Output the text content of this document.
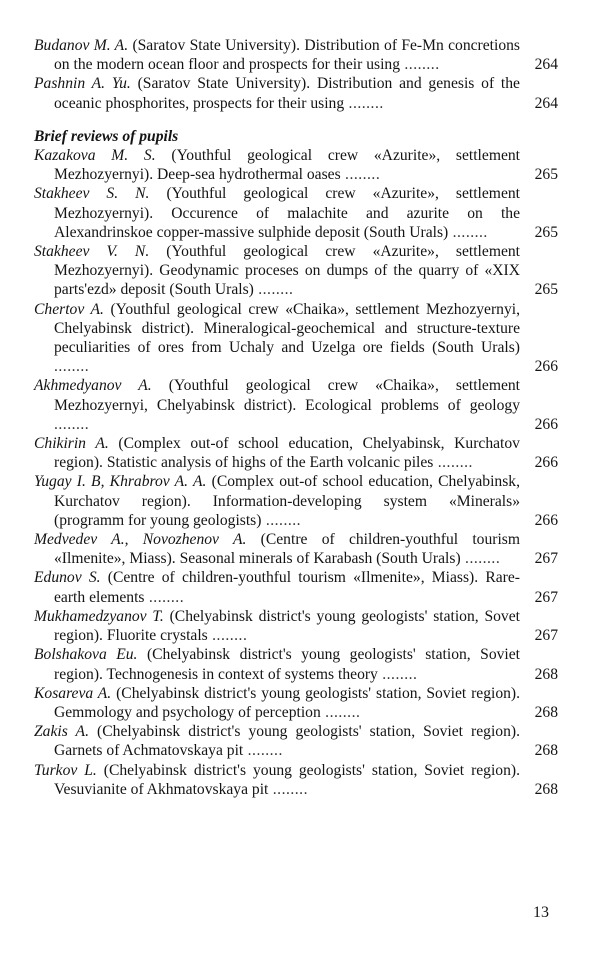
Budanov M. A. (Saratov State University). Distribution of Fe-Mn concretions on the modern ocean floor and prospects for their using ........	264
Pashnin A. Yu. (Saratov State University). Distribution and genesis of the oceanic phosphorites, prospects for their using ........	264
Brief reviews of pupils
Kazakova M. S. (Youthful geological crew «Azurite», settlement Mezhozyernyi). Deep-sea hydrothermal oases ........	265
Stakheev S. N. (Youthful geological crew «Azurite», settlement Mezhozyernyi). Occurence of malachite and azurite on the Alexandrinskoe copper-massive sulphide deposit (South Urals) ........	265
Stakheev V. N. (Youthful geological crew «Azurite», settlement Mezhozyernyi). Geodynamic proceses on dumps of the quarry of «XIX parts'ezd» deposit (South Urals) ........	265
Chertov A. (Youthful geological crew «Chaika», settlement Mezhozyernyi, Chelyabinsk district). Mineralogical-geochemical and structure-texture peculiarities of ores from Uchaly and Uzelga ore fields (South Urals) ........	266
Akhmedyanov A. (Youthful geological crew «Chaika», settlement Mezhozyernyi, Chelyabinsk district). Ecological problems of geology ........	266
Chikirin A. (Complex out-of school education, Chelyabinsk, Kurchatov region). Statistic analysis of highs of the Earth volcanic piles ........	266
Yugay I. B, Khrabrov A. A. (Complex out-of school education, Chelyabinsk, Kurchatov region). Information-developing system «Minerals» (programm for young geologists) ........	266
Medvedev A., Novozhenov A. (Centre of children-youthful tourism «Ilmenite», Miass). Seasonal minerals of Karabash (South Urals) ........ 267
Edunov S. (Centre of children-youthful tourism «Ilmenite», Miass). Rare-earth elements ........	267
Mukhamedzyanov T. (Chelyabinsk district's young geologists' station, Sovet region). Fluorite crystals ........	267
Bolshakova Eu. (Chelyabinsk district's young geologists' station, Soviet region). Technogenesis in context of systems theory ........	268
Kosareva A. (Chelyabinsk district's young geologists' station, Soviet region). Gemmology and psychology of perception ........	268
Zakis A. (Chelyabinsk district's young geologists' station, Soviet region). Garnets of Achmatovskaya pit ........	268
Turkov L. (Chelyabinsk district's young geologists' station, Soviet region). Vesuvianite of Akhmatovskaya pit ........	268
13
